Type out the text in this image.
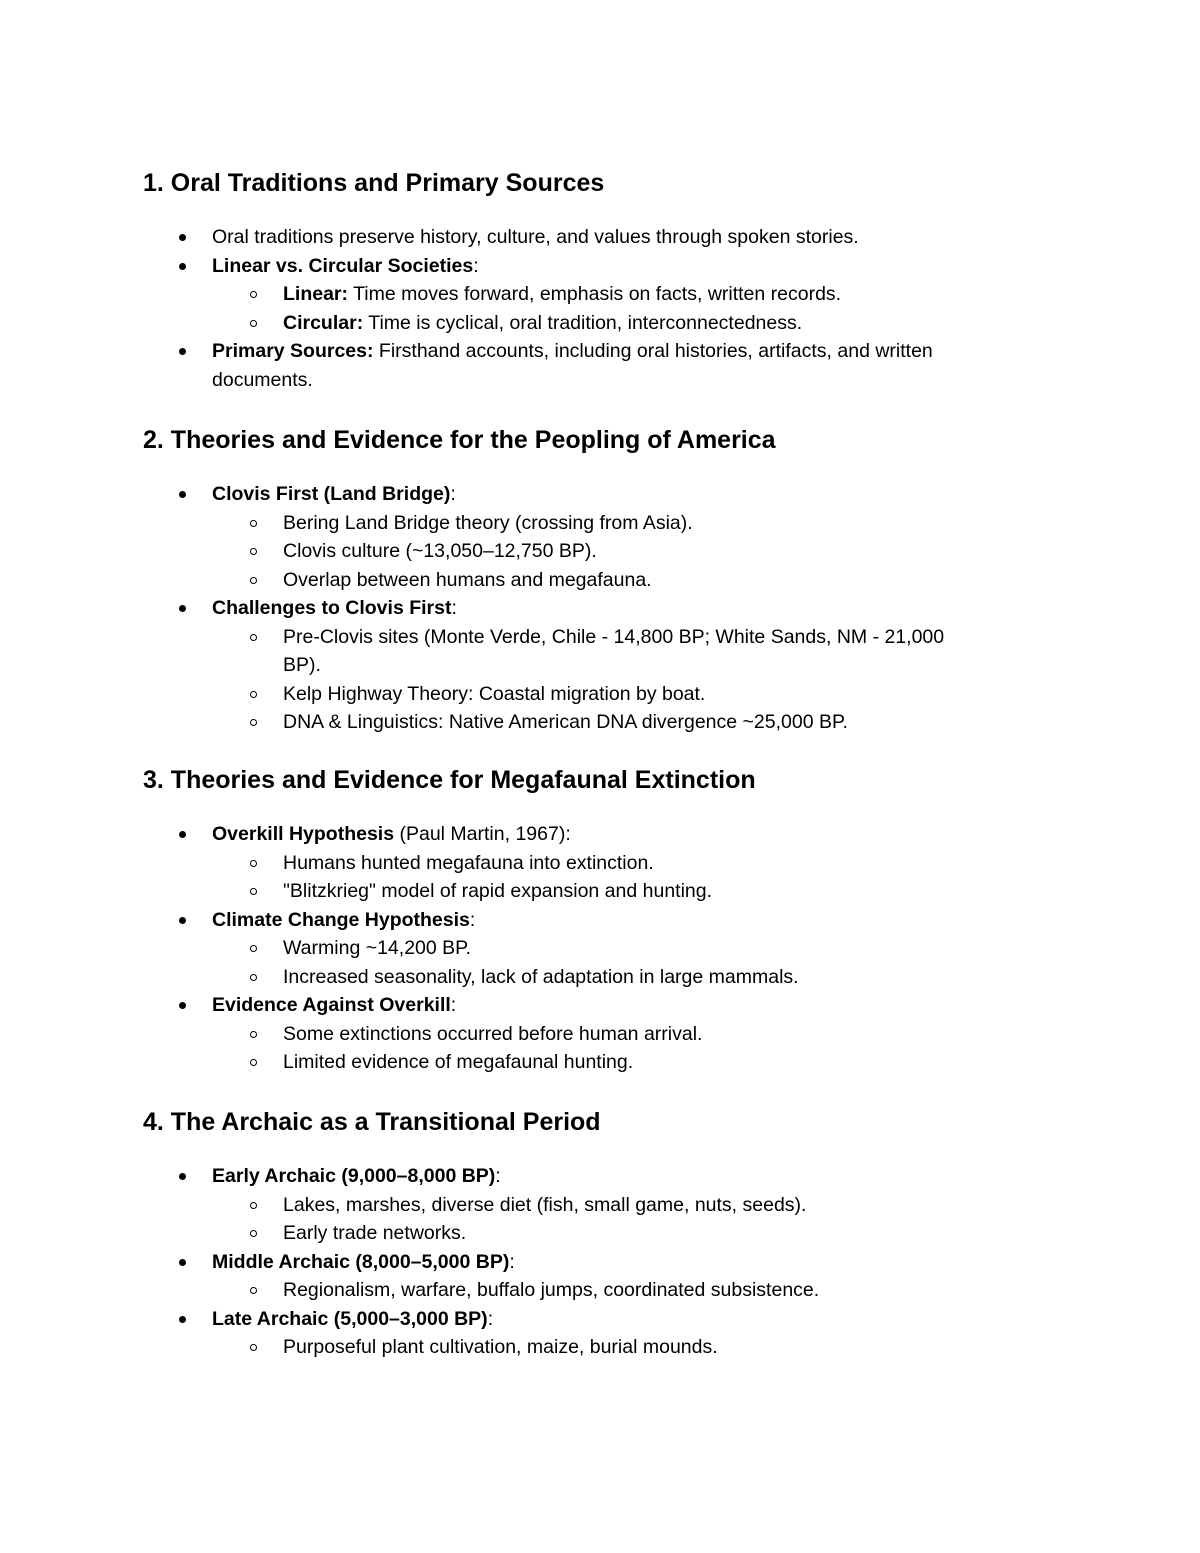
1. Oral Traditions and Primary Sources
Oral traditions preserve history, culture, and values through spoken stories.
Linear vs. Circular Societies:
Linear: Time moves forward, emphasis on facts, written records.
Circular: Time is cyclical, oral tradition, interconnectedness.
Primary Sources: Firsthand accounts, including oral histories, artifacts, and written
documents.
2. Theories and Evidence for the Peopling of America
Clovis First (Land Bridge):
Bering Land Bridge theory (crossing from Asia).
Clovis culture (~13,050–12,750 BP).
Overlap between humans and megafauna.
Challenges to Clovis First:
Pre-Clovis sites (Monte Verde, Chile - 14,800 BP; White Sands, NM - 21,000
BP).
Kelp Highway Theory: Coastal migration by boat.
DNA & Linguistics: Native American DNA divergence ~25,000 BP.
3. Theories and Evidence for Megafaunal Extinction
Overkill Hypothesis (Paul Martin, 1967):
Humans hunted megafauna into extinction.
"Blitzkrieg" model of rapid expansion and hunting.
Climate Change Hypothesis:
Warming ~14,200 BP.
Increased seasonality, lack of adaptation in large mammals.
Evidence Against Overkill:
Some extinctions occurred before human arrival.
Limited evidence of megafaunal hunting.
4. The Archaic as a Transitional Period
Early Archaic (9,000–8,000 BP):
Lakes, marshes, diverse diet (fish, small game, nuts, seeds).
Early trade networks.
Middle Archaic (8,000–5,000 BP):
Regionalism, warfare, buffalo jumps, coordinated subsistence.
Late Archaic (5,000–3,000 BP):
Purposeful plant cultivation, maize, burial mounds.
